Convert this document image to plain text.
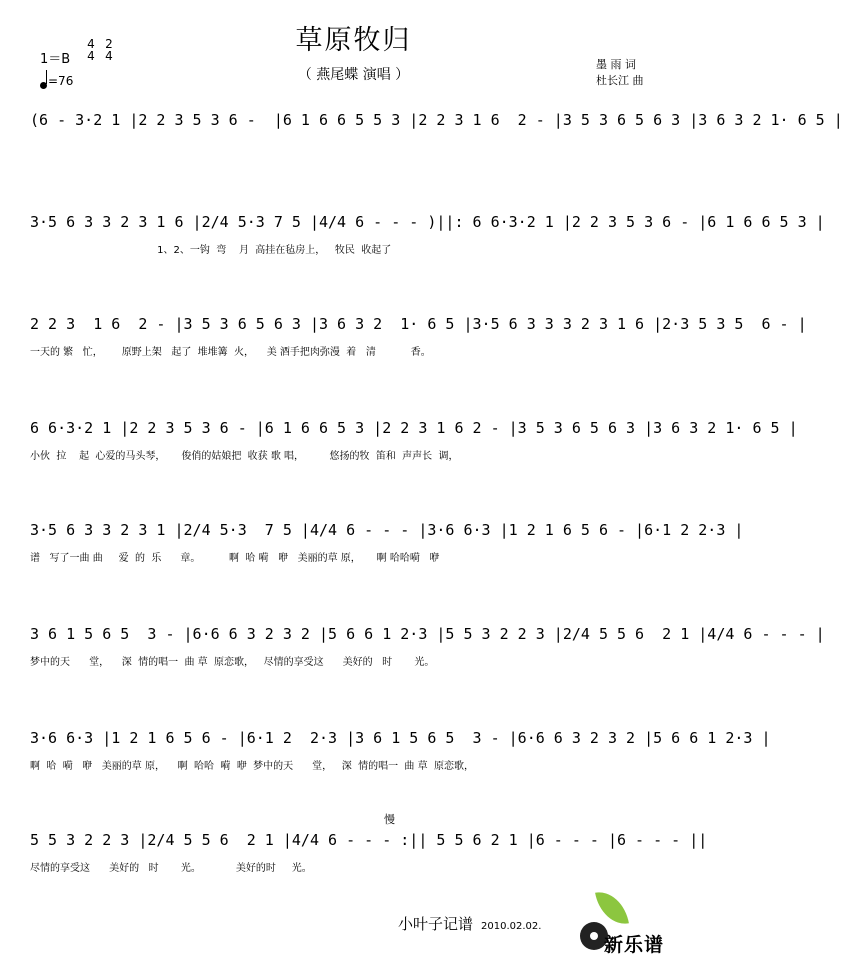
草原牧归
（ 燕尾蝶 演唱 ）
1＝B
4
4
2
4
=76
墨 雨 词
杜长江 曲
(6 - 3·2 1 |2 2 3 5 3 6 -  |6 1 6 6 5 5 3 |2 2 3 1 6  2 - |3 5 3 6 5 6 3 |3 6 3 2 1· 6 5 |
3·5 6 3 3 2 3 1 6 |2/4 5·3 7 5 |4/4 6 - - - )||: 6 6·3·2 1 |2 2 3 5 3 6 - |6 1 6 6 5 3 |
1、2、一钩  弯    月  高挂在毡房上，   牧民  收起了
2 2 3  1 6  2 - |3 5 3 6 5 6 3 |3 6 3 2  1· 6 5 |3·5 6 3 3 3 2 3 1 6 |2·3 5 3 5  6 - |
一天的 繁   忙，      原野上架   起了  堆堆篝  火，    美 酒手把肉弥漫  着   清           香。
6 6·3·2 1 |2 2 3 5 3 6 - |6 1 6 6 5 3 |2 2 3 1 6 2 - |3 5 3 6 5 6 3 |3 6 3 2 1· 6 5 |
小伙  拉    起  心爱的马头琴，     俊俏的姑娘把  收获 歌 唱，        悠扬的牧  笛和  声声长  调，
3·5 6 3 3 2 3 1 |2/4 5·3  7 5 |4/4 6 - - - |3·6 6·3 |1 2 1 6 5 6 - |6·1 2 2·3 |
谱   写了一曲 曲     爱  的  乐      章。         啊  哈 嗬   咿   美丽的草 原，     啊 哈哈嗬   咿
3 6 1 5 6 5  3 - |6·6 6 3 2 3 2 |5 6 6 1 2·3 |5 5 3 2 2 3 |2/4 5 5 6  2 1 |4/4 6 - - - |
梦中的天      堂，    深  情的唱一  曲 草  原恋歌，   尽情的享受这      美好的   时       光。
3·6 6·3 |1 2 1 6 5 6 - |6·1 2  2·3 |3 6 1 5 6 5  3 - |6·6 6 3 2 3 2 |5 6 6 1 2·3 |
啊  哈  嗬   咿   美丽的草 原，    啊  哈哈  嗬  咿  梦中的天      堂，   深  情的唱一  曲 草  原恋歌，
慢
5 5 3 2 2 3 |2/4 5 5 6  2 1 |4/4 6 - - - :|| 5 5 6 2 1 |6 - - - |6 - - - ||
尽情的享受这      美好的   时       光。           美好的时     光。
小叶子记谱 2010.02.02.
新乐谱
